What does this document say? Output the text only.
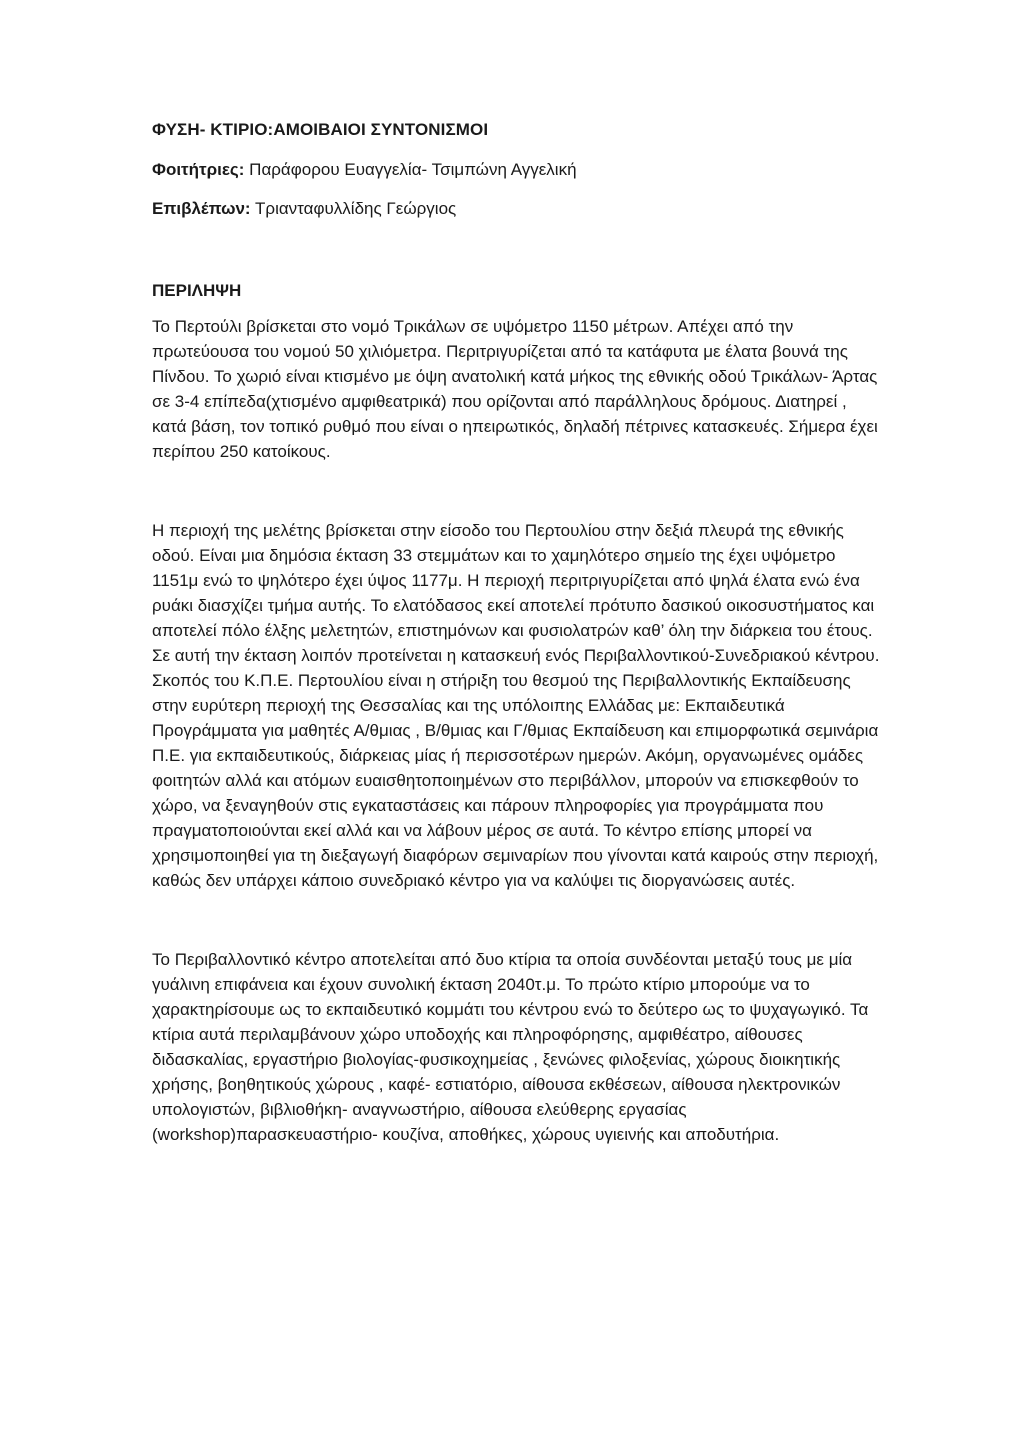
ΦΥΣΗ- ΚΤΙΡΙΟ:ΑΜΟΙΒΑΙΟΙ ΣΥΝΤΟΝΙΣΜΟΙ
Φοιτήτριες: Παράφορου Ευαγγελία- Τσιμπώνη Αγγελική
Επιβλέπων: Τριανταφυλλίδης Γεώργιος
ΠΕΡΙΛΗΨΗ

Το Περτούλι βρίσκεται στο νομό Τρικάλων σε υψόμετρο 1150 μέτρων. Απέχει από την πρωτεύουσα του νομού 50 χιλιόμετρα. Περιτριγυρίζεται από τα κατάφυτα με έλατα βουνά της Πίνδου. Το χωριό είναι κτισμένο με όψη ανατολική κατά μήκος της εθνικής οδού Τρικάλων- Άρτας σε 3-4 επίπεδα(χτισμένο αμφιθεατρικά) που ορίζονται από παράλληλους δρόμους. Διατηρεί , κατά βάση, τον τοπικό ρυθμό που είναι ο ηπειρωτικός, δηλαδή πέτρινες κατασκευές. Σήμερα έχει περίπου 250 κατοίκους.

Η περιοχή της μελέτης βρίσκεται στην είσοδο του Περτουλίου στην δεξιά πλευρά της εθνικής οδού. Είναι μια δημόσια έκταση 33 στεμμάτων και το χαμηλότερο σημείο της έχει υψόμετρο 1151μ ενώ το ψηλότερο έχει ύψος 1177μ. Η περιοχή περιτριγυρίζεται από ψηλά έλατα ενώ ένα ρυάκι διασχίζει τμήμα αυτής. Το ελατόδασος εκεί αποτελεί πρότυπο δασικού οικοσυστήματος και αποτελεί πόλο έλξης μελετητών, επιστημόνων και φυσιολατρών καθ’ όλη την διάρκεια του έτους. Σε αυτή την έκταση λοιπόν προτείνεται η κατασκευή ενός Περιβαλλοντικού-Συνεδριακού κέντρου.

Σκοπός του Κ.Π.Ε. Περτουλίου είναι η στήριξη του θεσμού της Περιβαλλοντικής Εκπαίδευσης στην ευρύτερη περιοχή της Θεσσαλίας και της υπόλοιπης Ελλάδας με: Εκπαιδευτικά Προγράμματα για μαθητές Α/θμιας , Β/θμιας και Γ/θμιας Εκπαίδευση και επιμορφωτικά σεμινάρια Π.Ε. για εκπαιδευτικούς, διάρκειας μίας ή περισσοτέρων ημερών. Ακόμη, οργανωμένες ομάδες φοιτητών αλλά και ατόμων ευαισθητοποιημένων στο περιβάλλον, μπορούν να επισκεφθούν το χώρο, να ξεναγηθούν στις εγκαταστάσεις και πάρουν πληροφορίες για προγράμματα που πραγματοποιούνται εκεί αλλά και να λάβουν μέρος σε αυτά. Το κέντρο επίσης μπορεί να χρησιμοποιηθεί για τη διεξαγωγή διαφόρων σεμιναρίων που γίνονται κατά καιρούς στην περιοχή, καθώς δεν υπάρχει κάποιο συνεδριακό κέντρο για να καλύψει τις διοργανώσεις αυτές.

Το Περιβαλλοντικό κέντρο αποτελείται από δυο κτίρια τα οποία συνδέονται μεταξύ τους με μία γυάλινη επιφάνεια και έχουν συνολική έκταση 2040τ.μ. Το πρώτο κτίριο μπορούμε να το χαρακτηρίσουμε ως το εκπαιδευτικό κομμάτι του κέντρου ενώ το δεύτερο ως το ψυχαγωγικό. Τα κτίρια αυτά περιλαμβάνουν χώρο υποδοχής και πληροφόρησης, αμφιθέατρο, αίθουσες διδασκαλίας, εργαστήριο βιολογίας-φυσικοχημείας , ξενώνες φιλοξενίας, χώρους διοικητικής χρήσης, βοηθητικούς χώρους , καφέ- εστιατόριο, αίθουσα εκθέσεων, αίθουσα ηλεκτρονικών υπολογιστών, βιβλιοθήκη- αναγνωστήριο, αίθουσα ελεύθερης εργασίας (workshop)παρασκευαστήριο- κουζίνα, αποθήκες, χώρους υγιεινής και αποδυτήρια.
